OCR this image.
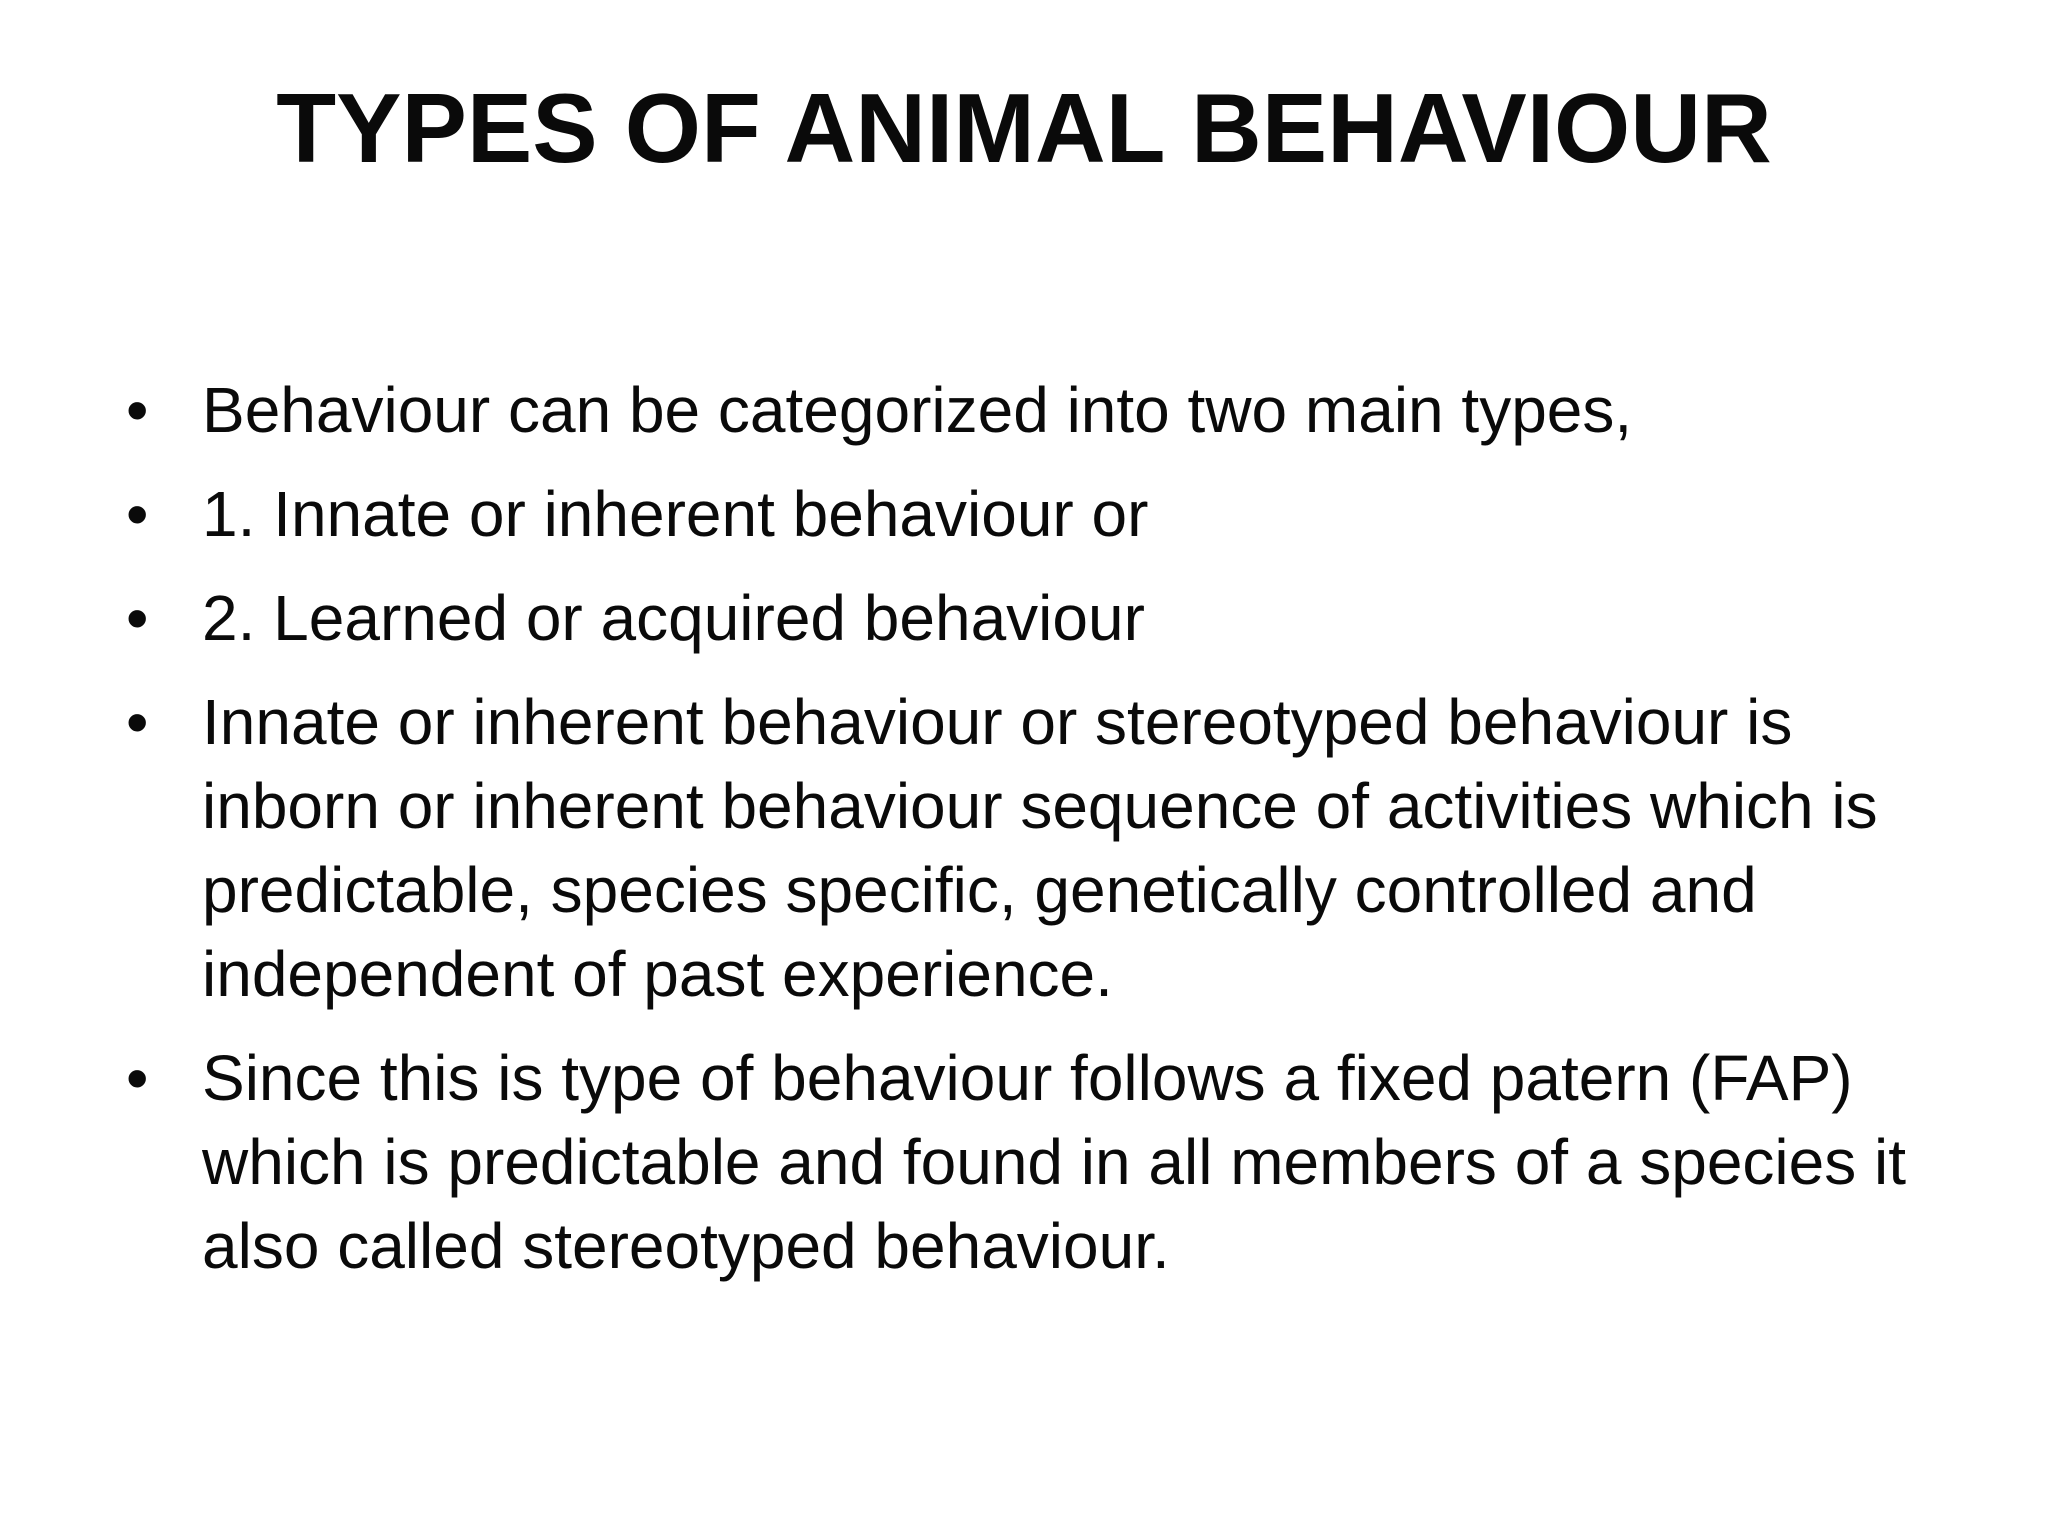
TYPES OF ANIMAL BEHAVIOUR
• Behaviour can be categorized into two main types,
• 1. Innate or inherent behaviour or
• 2. Learned or acquired behaviour
• Innate or inherent behaviour or stereotyped behaviour is inborn or inherent behaviour sequence of activities which is predictable, species specific, genetically controlled and independent of past experience.
• Since this is type of behaviour follows a fixed patern (FAP) which is predictable and found in all members of a species it also called stereotyped behaviour.
